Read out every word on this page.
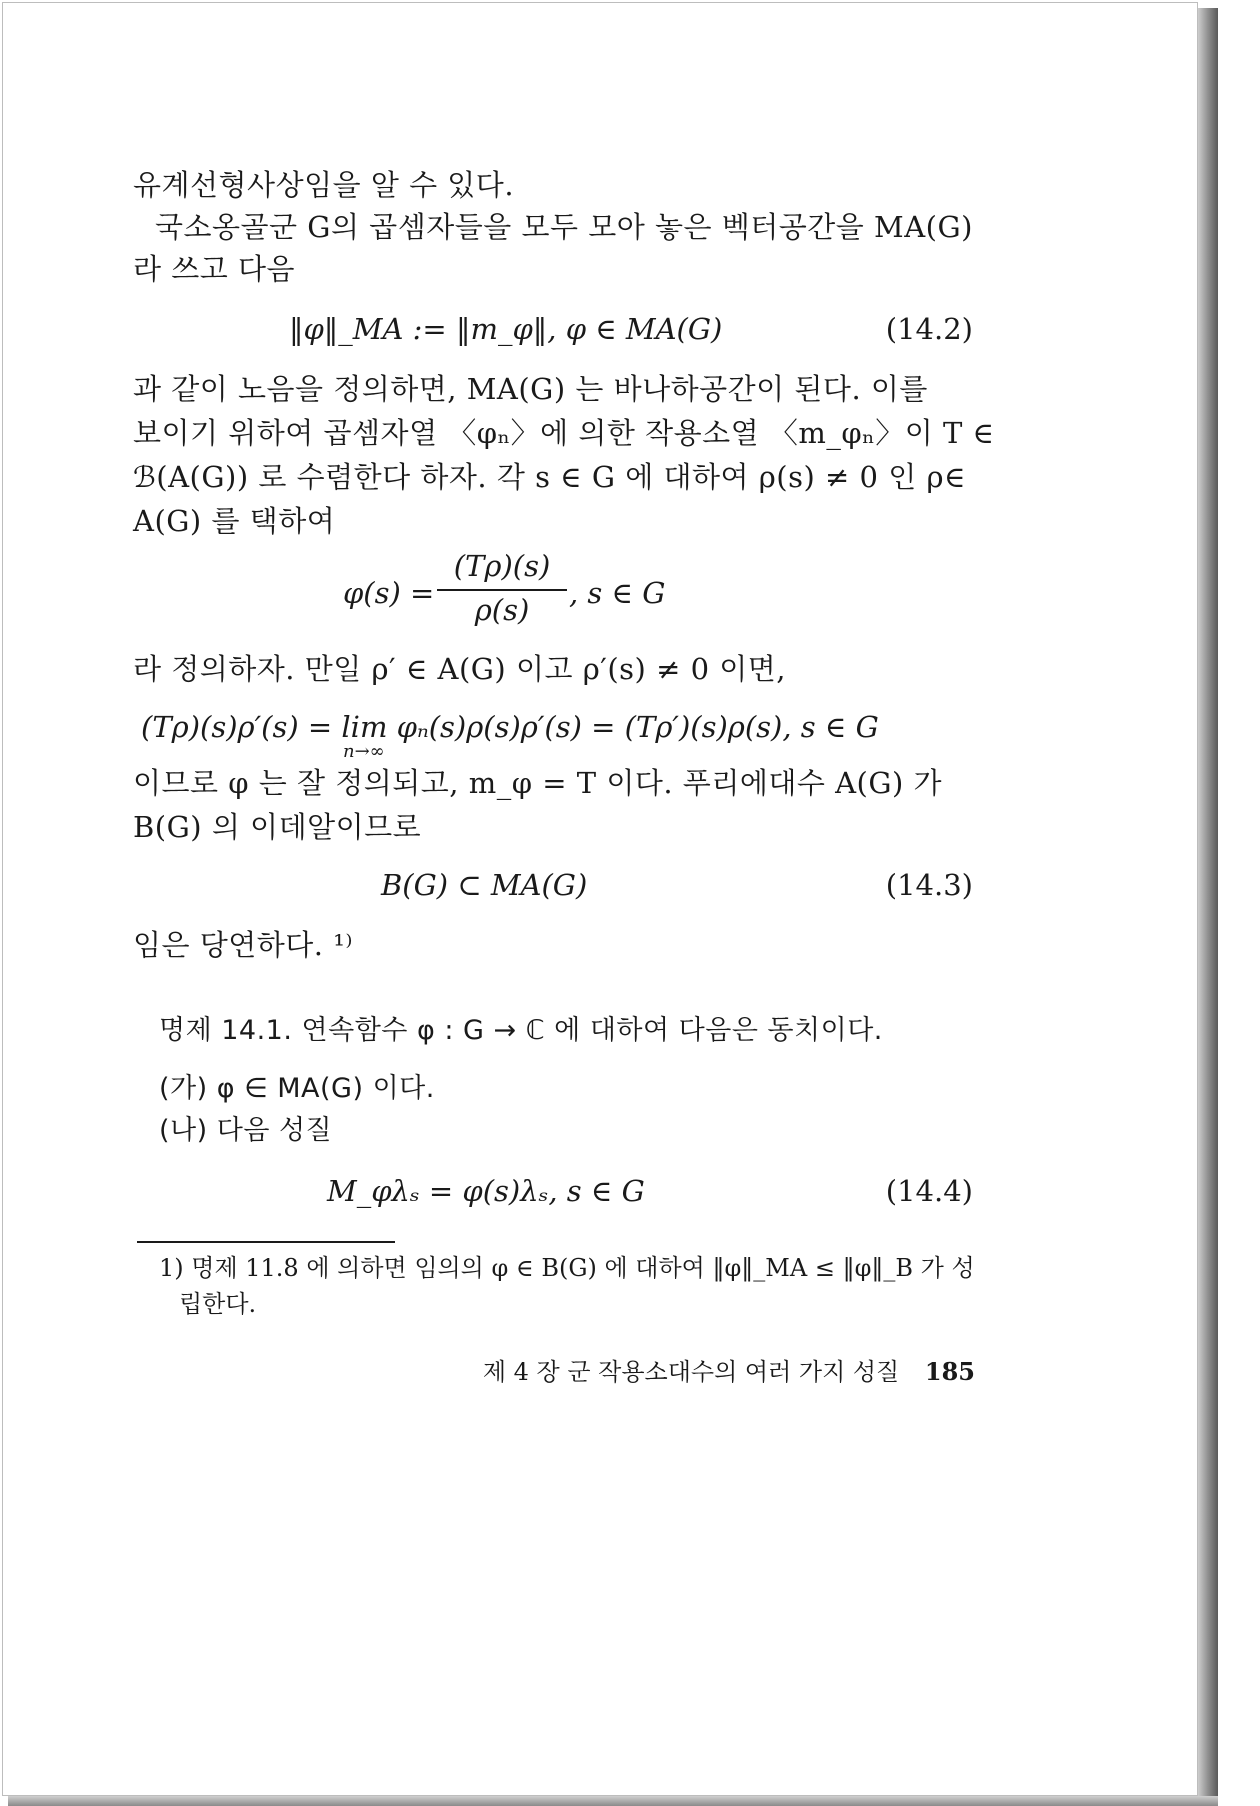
유계선형사상임을 알 수 있다.
국소옹골군 G의 곱셈자들을 모두 모아 놓은 벡터공간을 MA(G)
라 쓰고 다음
‖φ‖_MA := ‖m_φ‖, φ ∈ MA(G)	(14.2)
과 같이 노음을 정의하면, MA(G) 는 바나하공간이 된다. 이를
보이기 위하여 곱셈자열 〈φₙ〉에 의한 작용소열 〈m_φₙ〉이 T ∈
ℬ(A(G)) 로 수렴한다 하자. 각 s ∈ G 에 대하여 ρ(s) ≠ 0 인 ρ∈
A(G) 를 택하여
φ(s) =
(Tρ)(s)
ρ(s)	, s ∈ G
라 정의하자. 만일 ρ′ ∈ A(G) 이고 ρ′(s) ≠ 0 이면,
(Tρ)(s)ρ′(s) = lim φₙ(s)ρ(s)ρ′(s) = (Tρ′)(s)ρ(s), s ∈ G
n→∞
이므로 φ 는 잘 정의되고, m_φ = T 이다. 푸리에대수 A(G) 가
B(G) 의 이데알이므로
B(G) ⊂ MA(G)	(14.3)
임은 당연하다. ¹⁾
명제 14.1. 연속함수 φ : G → ℂ 에 대하여 다음은 동치이다.
(가) φ ∈ MA(G) 이다.
(나) 다음 성질
M_φλₛ = φ(s)λₛ, s ∈ G	(14.4)
1) 명제 11.8 에 의하면 임의의 φ ∈ B(G) 에 대하여 ‖φ‖_MA ≤ ‖φ‖_B 가 성
립한다.
제 4 장 군 작용소대수의 여러 가지 성질 185
